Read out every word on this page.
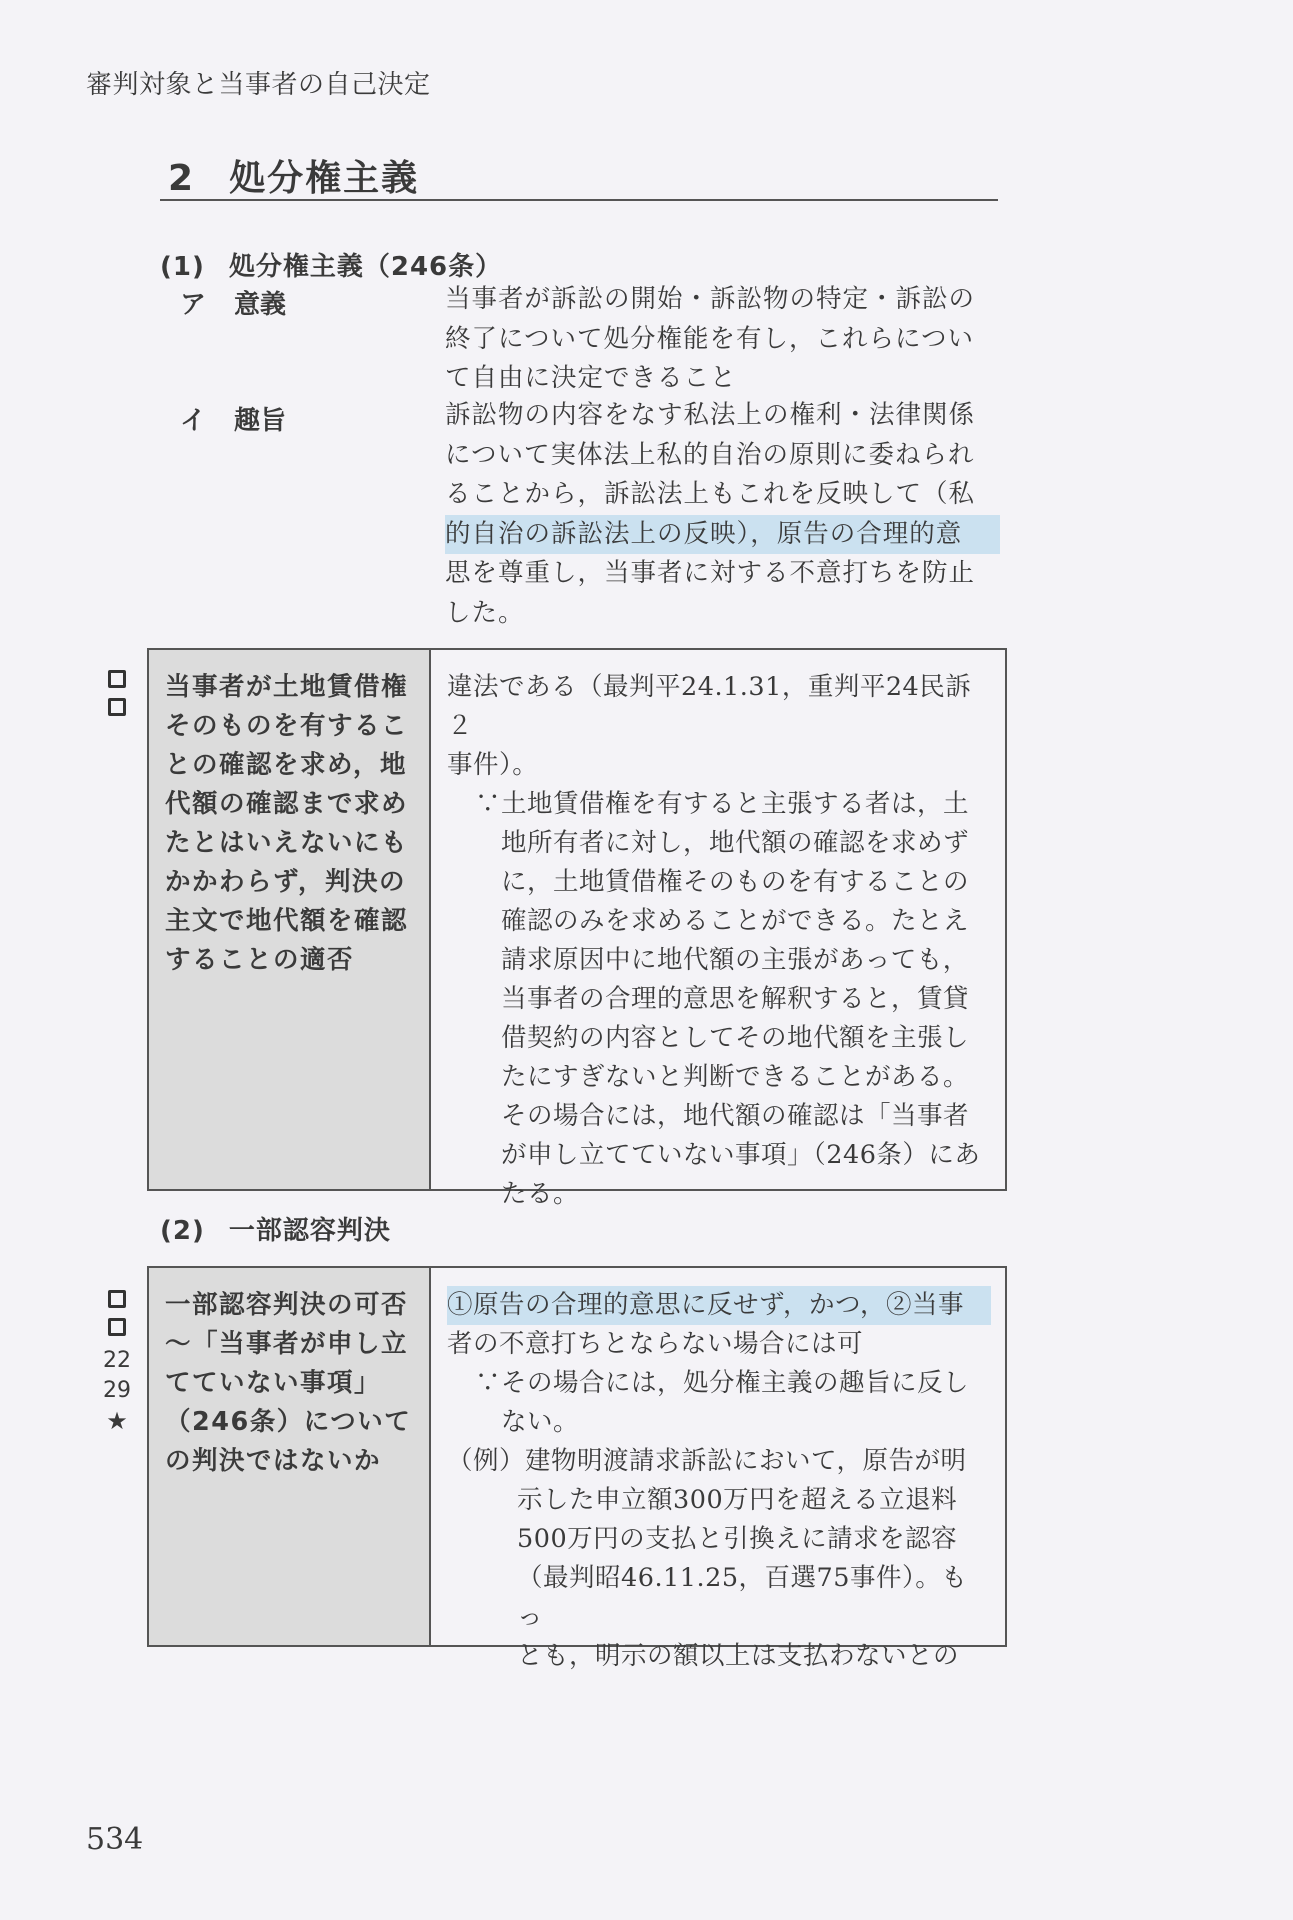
審判対象と当事者の自己決定
2 処分権主義
(1) 処分権主義（246条）
ア 意義	当事者が訴訟の開始・訴訟物の特定・訴訟の
終了について処分権能を有し，これらについ
て自由に決定できること
イ 趣旨	訴訟物の内容をなす私法上の権利・法律関係
について実体法上私的自治の原則に委ねられ
ることから，訴訟法上もこれを反映して（私
的自治の訴訟法上の反映），原告の合理的意
思を尊重し，当事者に対する不意打ちを防止
した。
当事者が土地賃借権
そのものを有するこ
との確認を求め，地
代額の確認まで求め
たとはいえないにも
かかわらず，判決の
主文で地代額を確認
することの適否
違法である（最判平24.1.31，重判平24民訴２
事件）。
∵土地賃借権を有すると主張する者は，土
地所有者に対し，地代額の確認を求めず
に，土地賃借権そのものを有することの
確認のみを求めることができる。たとえ
請求原因中に地代額の主張があっても，
当事者の合理的意思を解釈すると，賃貸
借契約の内容としてその地代額を主張し
たにすぎないと判断できることがある。
その場合には，地代額の確認は「当事者
が申し立てていない事項」（246条）にあ
たる。
(2) 一部認容判決
22
29
★
一部認容判決の可否
～「当事者が申し立
てていない事項」
（246条）について
の判決ではないか
①原告の合理的意思に反せず，かつ，②当事
者の不意打ちとならない場合には可
∵その場合には，処分権主義の趣旨に反し
ない。
（例）建物明渡請求訴訟において，原告が明
示した申立額300万円を超える立退料
500万円の支払と引換えに請求を認容
（最判昭46.11.25，百選75事件）。もっ
とも，明示の額以上は支払わないとの
534
